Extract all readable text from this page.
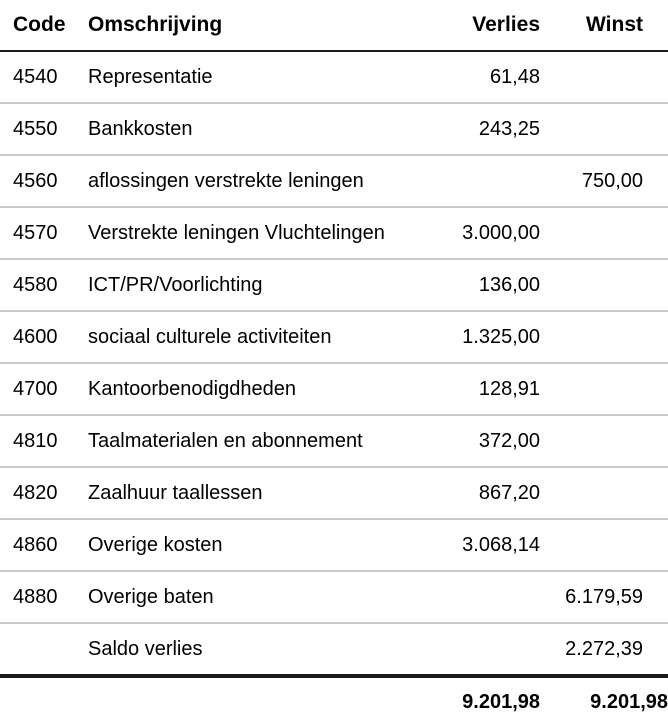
Code	Omschrijving	Verlies	Winst
4540	Representatie	61,48	
4550	Bankkosten	243,25	
4560	aflossingen verstrekte leningen		750,00
4570	Verstrekte leningen Vluchtelingen	3.000,00	
4580	ICT/PR/Voorlichting	136,00	
4600	sociaal culturele activiteiten	1.325,00	
4700	Kantoorbenodigdheden	128,91	
4810	Taalmaterialen en abonnement	372,00	
4820	Zaalhuur taallessen	867,20	
4860	Overige kosten	3.068,14	
4880	Overige baten		6.179,59
	Saldo verlies		2.272,39
		9.201,98	9.201,98
